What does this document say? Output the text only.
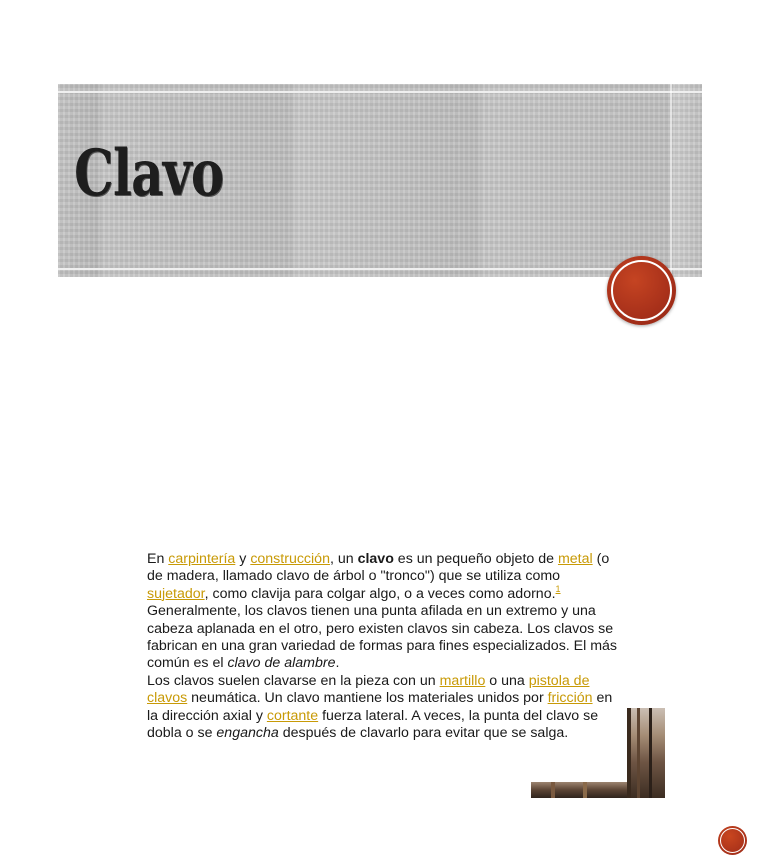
Clavo
En carpintería y construcción, un clavo es un pequeño objeto de metal (o de madera, llamado clavo de árbol o "tronco") que se utiliza como sujetador, como clavija para colgar algo, o a veces como adorno.$^1$ Generalmente, los clavos tienen una punta afilada en un extremo y una cabeza aplanada en el otro, pero existen clavos sin cabeza. Los clavos se fabrican en una gran variedad de formas para fines especializados. El más común es el clavo de alambre.
Los clavos suelen clavarse en la pieza con un martillo o una pistola de clavos neumática. Un clavo mantiene los materiales unidos por fricción en la dirección axial y cortante fuerza lateral. A veces, la punta del clavo se dobla o se engancha después de clavarlo para evitar que se salga.
